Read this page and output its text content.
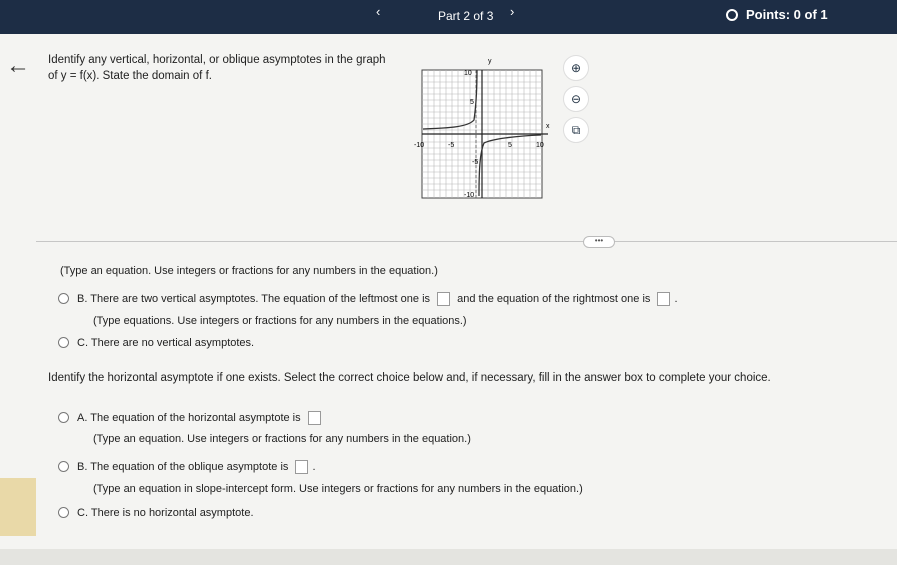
‹	Part 2 of 3 ›	Points: 0 of 1
← Identify any vertical, horizontal, or oblique asymptotes in the graph of y = f(x). State the domain of f.
y
x
10
5
-10	-5	5	10
-5
-10
⊕
⊖
⧉
•••
(Type an equation. Use integers or fractions for any numbers in the equation.)
B. There are two vertical asymptotes. The equation of the leftmost one is and the equation of the rightmost one is .
(Type equations. Use integers or fractions for any numbers in the equations.)
C. There are no vertical asymptotes.
Identify the horizontal asymptote if one exists. Select the correct choice below and, if necessary, fill in the answer box to complete your choice.
A. The equation of the horizontal asymptote is
(Type an equation. Use integers or fractions for any numbers in the equation.)
B. The equation of the oblique asymptote is .
(Type an equation in slope-intercept form. Use integers or fractions for any numbers in the equation.)
C. There is no horizontal asymptote.
